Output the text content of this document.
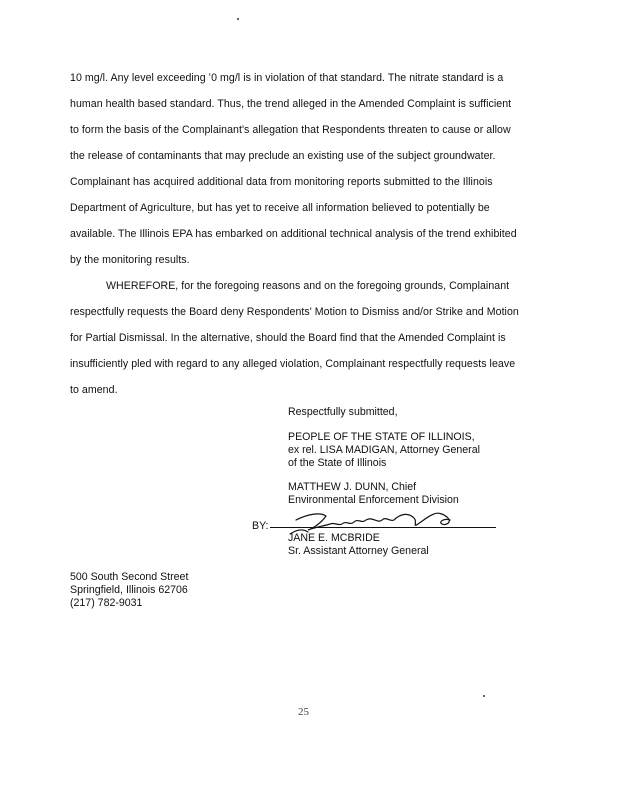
10 mg/l. Any level exceeding ʻ0 mg/l is in violation of that standard. The nitrate standard is a
human health based standard. Thus, the trend alleged in the Amended Complaint is sufficient
to form the basis of the Complainant's allegation that Respondents threaten to cause or allow
the release of contaminants that may preclude an existing use of the subject groundwater.
Complainant has acquired additional data from monitoring reports submitted to the Illinois
Department of Agriculture, but has yet to receive all information believed to potentially be
available. The Illinois EPA has embarked on additional technical analysis of the trend exhibited
by the monitoring results.
WHEREFORE, for the foregoing reasons and on the foregoing grounds, Complainant
respectfully requests the Board deny Respondents' Motion to Dismiss and/or Strike and Motion
for Partial Dismissal. In the alternative, should the Board find that the Amended Complaint is
insufficiently pled with regard to any alleged violation, Complainant respectfully requests leave
to amend.
Respectfully submitted,
PEOPLE OF THE STATE OF ILLINOIS,
ex rel. LISA MADIGAN, Attorney General
of the State of Illinois
MATTHEW J. DUNN, Chief
Environmental Enforcement Division
BY:
JANE E. MCBRIDE
Sr. Assistant Attorney General
500 South Second Street
Springfield, Illinois 62706
(217) 782-9031
25
